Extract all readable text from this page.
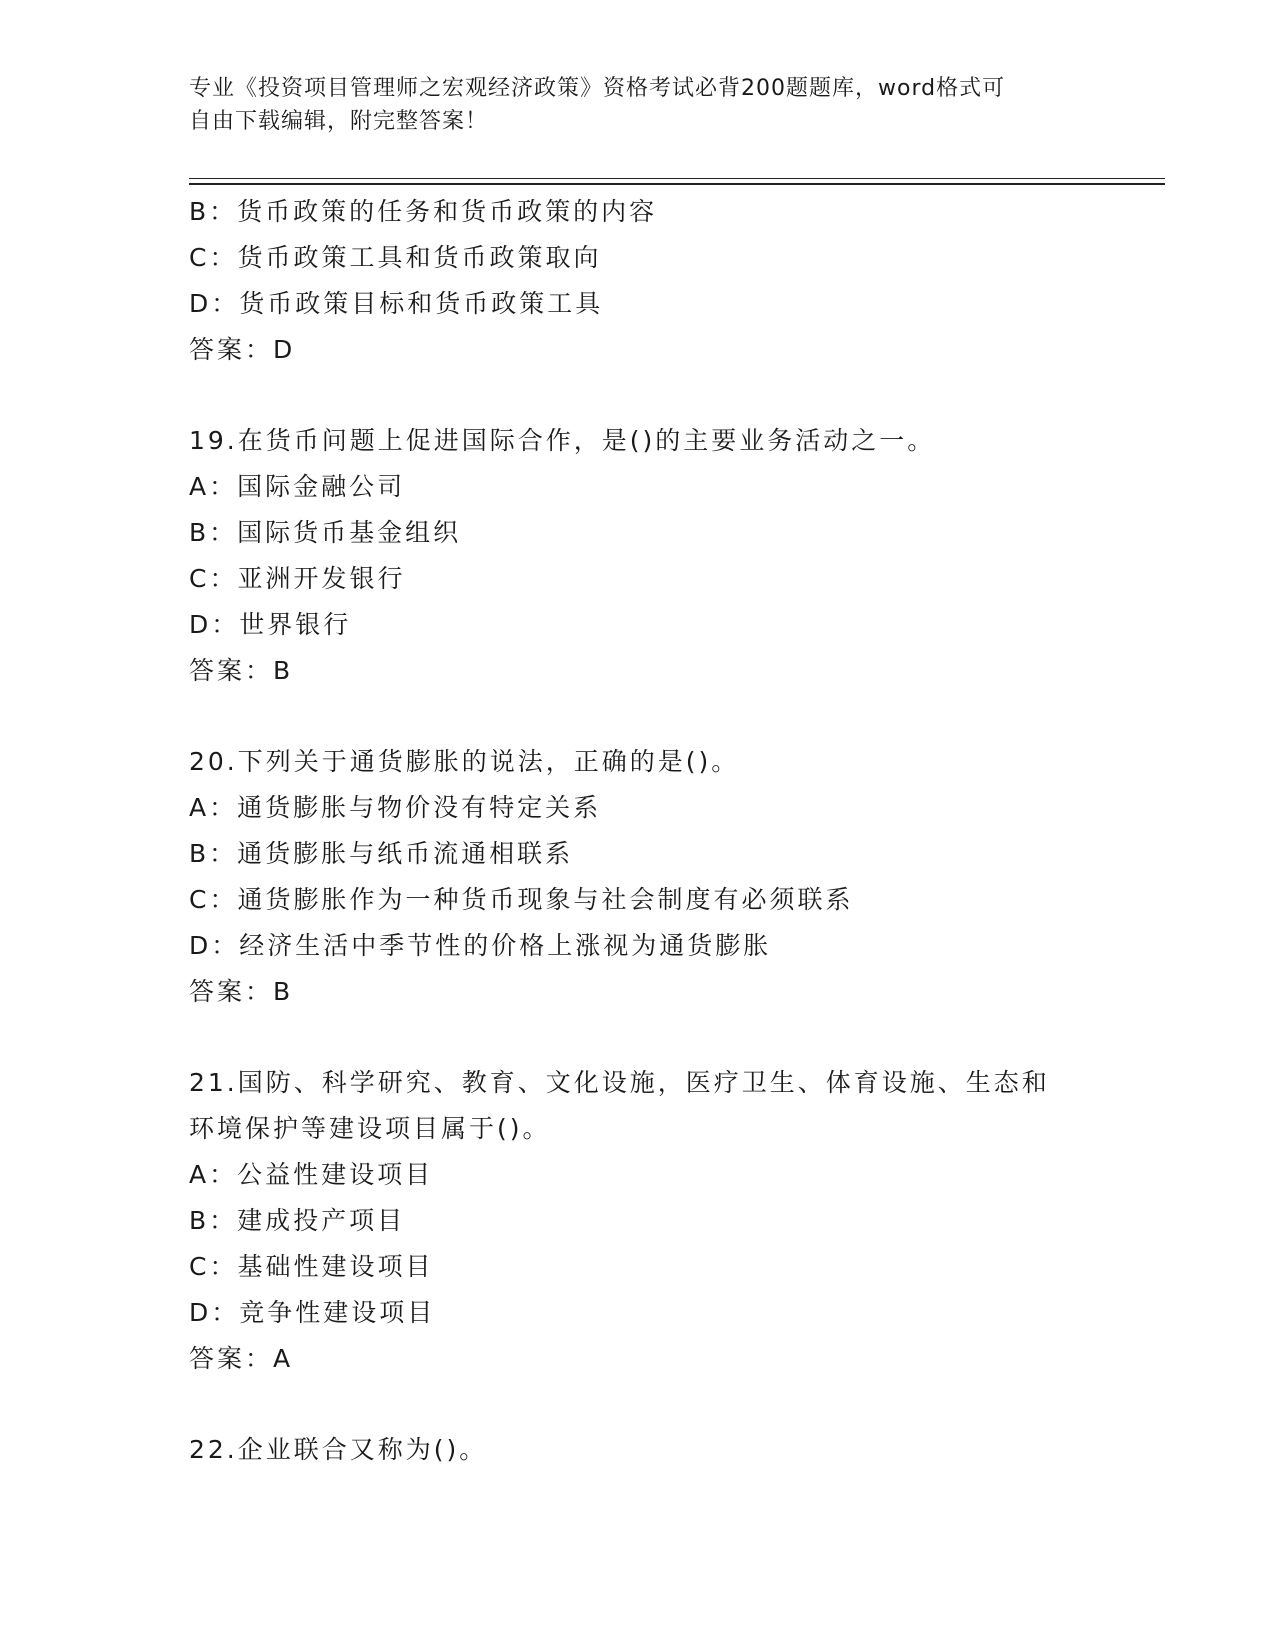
专业《投资项目管理师之宏观经济政策》资格考试必背200题题库，word格式可
自由下载编辑，附完整答案！
B：货币政策的任务和货币政策的内容
C：货币政策工具和货币政策取向
D：货币政策目标和货币政策工具
答案：D
19.在货币问题上促进国际合作，是()的主要业务活动之一。
A：国际金融公司
B：国际货币基金组织
C：亚洲开发银行
D：世界银行
答案：B
20.下列关于通货膨胀的说法，正确的是()。
A：通货膨胀与物价没有特定关系
B：通货膨胀与纸币流通相联系
C：通货膨胀作为一种货币现象与社会制度有必须联系
D：经济生活中季节性的价格上涨视为通货膨胀
答案：B
21.国防、科学研究、教育、文化设施，医疗卫生、体育设施、生态和
环境保护等建设项目属于()。
A：公益性建设项目
B：建成投产项目
C：基础性建设项目
D：竞争性建设项目
答案：A
22.企业联合又称为()。
